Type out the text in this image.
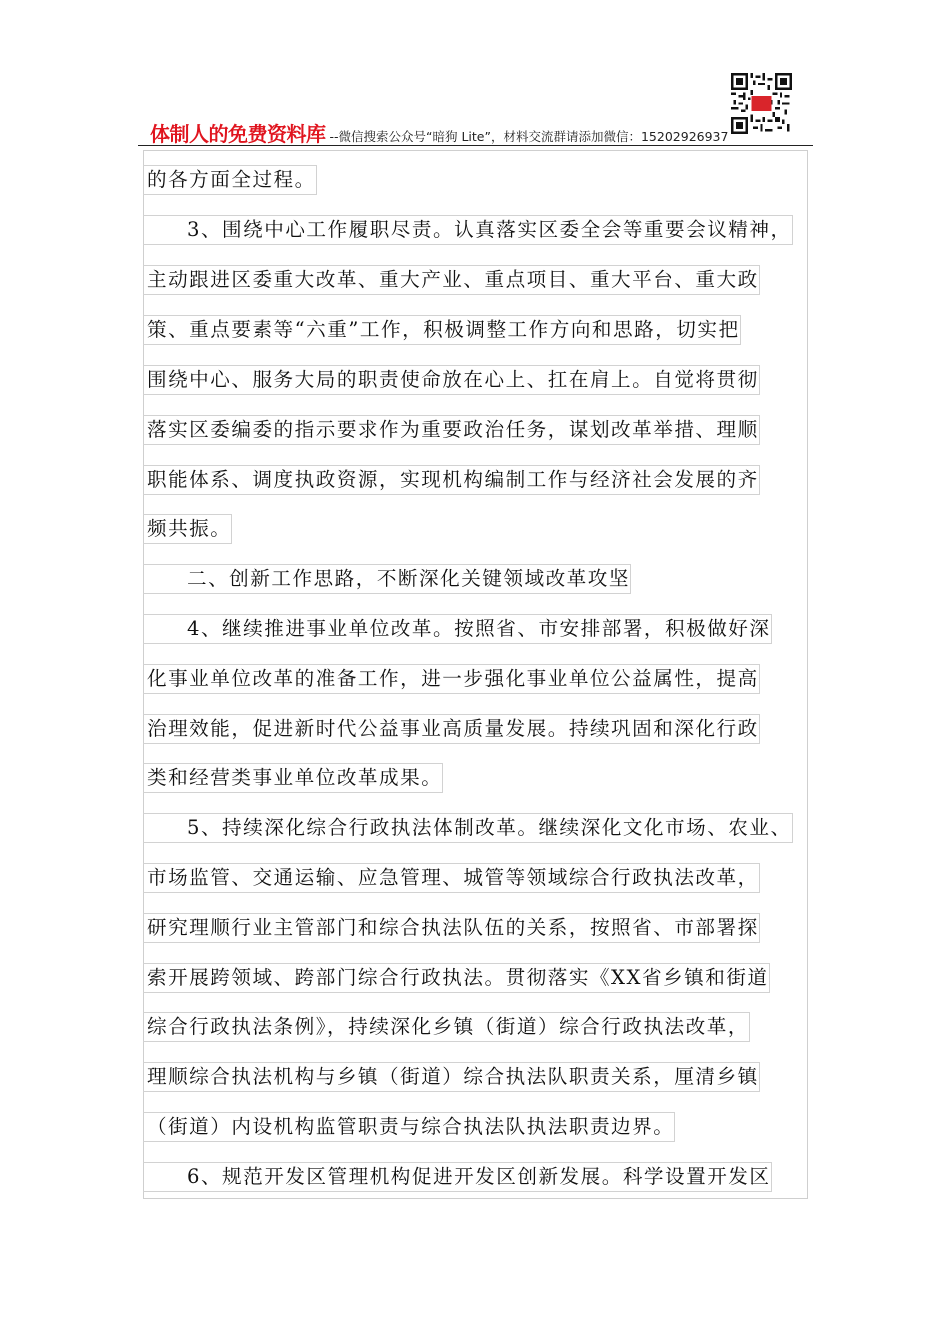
体制人的免费资料库 --微信搜索公众号“暗狗 Lite”，材料交流群请添加微信：15202926937
的各方面全过程。
3、围绕中心工作履职尽责。认真落实区委全会等重要会议精神，
主动跟进区委重大改革、重大产业、重点项目、重大平台、重大政
策、重点要素等“六重”工作，积极调整工作方向和思路，切实把
围绕中心、服务大局的职责使命放在心上、扛在肩上。自觉将贯彻
落实区委编委的指示要求作为重要政治任务，谋划改革举措、理顺
职能体系、调度执政资源，实现机构编制工作与经济社会发展的齐
频共振。
二、创新工作思路，不断深化关键领域改革攻坚
4、继续推进事业单位改革。按照省、市安排部署，积极做好深
化事业单位改革的准备工作，进一步强化事业单位公益属性，提高
治理效能，促进新时代公益事业高质量发展。持续巩固和深化行政
类和经营类事业单位改革成果。
5、持续深化综合行政执法体制改革。继续深化文化市场、农业、
市场监管、交通运输、应急管理、城管等领域综合行政执法改革，
研究理顺行业主管部门和综合执法队伍的关系，按照省、市部署探
索开展跨领域、跨部门综合行政执法。贯彻落实《XX省乡镇和街道
综合行政执法条例》，持续深化乡镇（街道）综合行政执法改革，
理顺综合执法机构与乡镇（街道）综合执法队职责关系，厘清乡镇
（街道）内设机构监管职责与综合执法队执法职责边界。
6、规范开发区管理机构促进开发区创新发展。科学设置开发区
